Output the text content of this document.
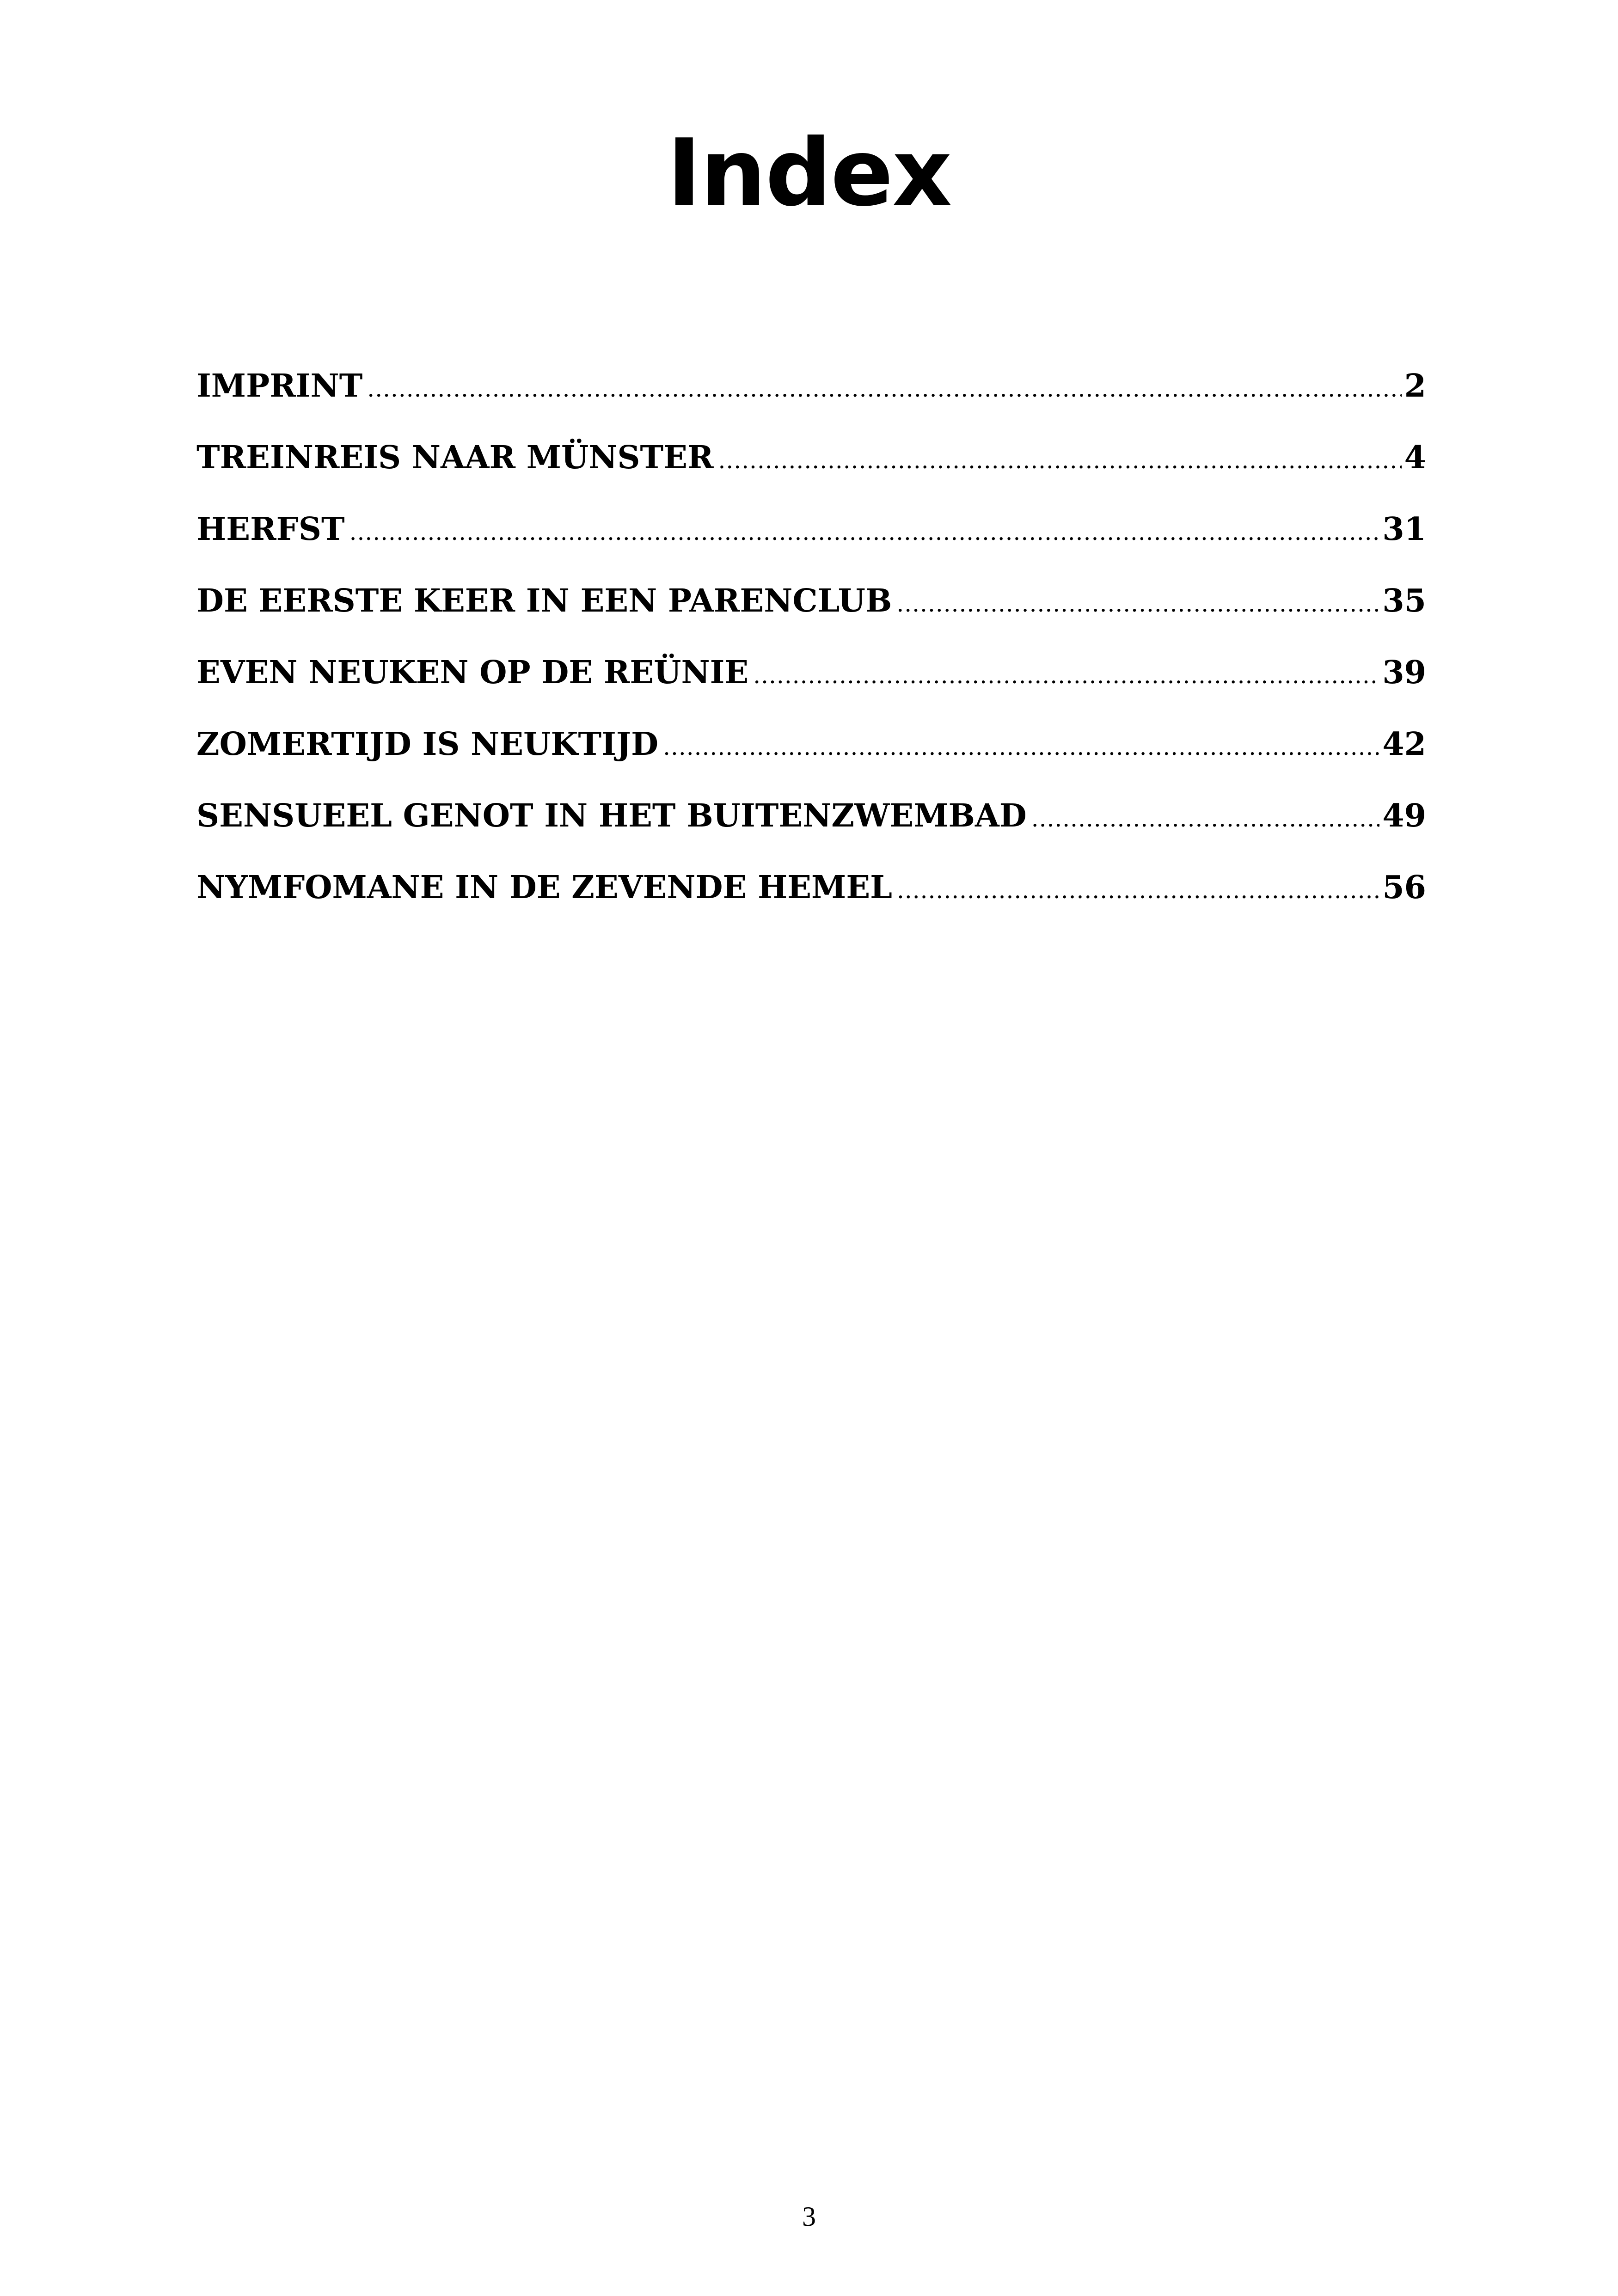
Index
IMPRINT .....	2
TREINREIS NAAR MÜNSTER .....	4
HERFST .....	31
DE EERSTE KEER IN EEN PARENCLUB .....	35
EVEN NEUKEN OP DE REÜNIE .....	39
ZOMERTIJD IS NEUKTIJD .....	42
SENSUEEL GENOT IN HET BUITENZWEMBAD .....	49
NYMFOMANE IN DE ZEVENDE HEMEL .....	56
3
